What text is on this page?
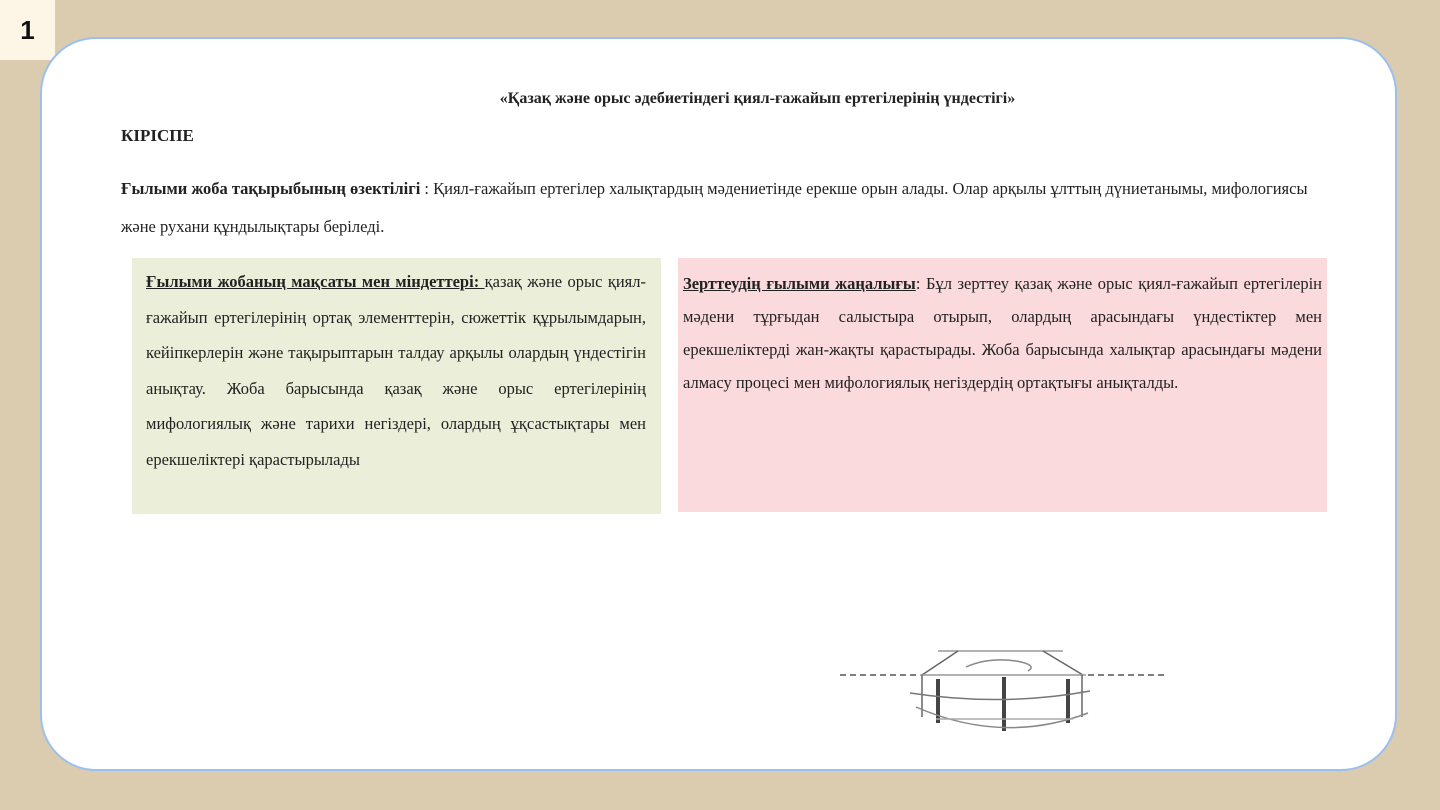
1
«Қазақ және орыс әдебиетіндегі қиял-ғажайып ертегілерінің үндестігі»
КІРІСПЕ
Ғылыми жоба тақырыбының өзектілігі : Қиял-ғажайып ертегілер халықтардың мәдениетінде ерекше орын алады. Олар арқылы ұлттың дүниетанымы, мифологиясы және рухани құндылықтары беріледі.
Ғылыми жобаның мақсаты мен міндеттері: қазақ және орыс қиял-ғажайып ертегілерінің ортақ элементтерін, сюжеттік құрылымдарын, кейіпкерлерін және тақырыптарын талдау арқылы олардың үндестігін анықтау. Жоба барысында қазақ және орыс ертегілерінің мифологиялық және тарихи негіздері, олардың ұқсастықтары мен ерекшеліктері қарастырылады
Зерттеудің ғылыми жаңалығы: Бұл зерттеу қазақ және орыс қиял-ғажайып ертегілерін мәдени тұрғыдан салыстыра отырып, олардың арасындағы үндестіктер мен ерекшеліктерді жан-жақты қарастырады. Жоба барысында халықтар арасындағы мәдени алмасу процесі мен мифологиялық негіздердің ортақтығы анықталды.
